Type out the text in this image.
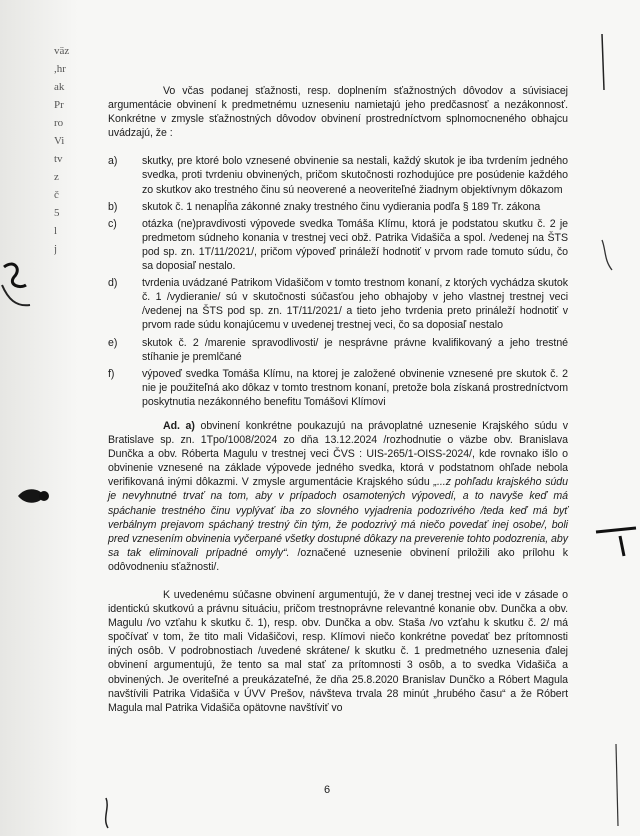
väz
,hr
ak
Pr
ro
Vi
tv
z
č
5
l
j

Vo včas podanej sťažnosti, resp. doplnením sťažnostných dôvodov a súvisiacej argumentácie obvinení k predmetnému uzneseniu namietajú jeho predčasnosť a nezákonnosť. Konkrétne v zmysle sťažnostných dôvodov obvinení prostredníctvom splnomocneného obhajcu uvádzajú, že :

a) skutky, pre ktoré bolo vznesené obvinenie sa nestali, každý skutok je iba tvrdením jedného svedka, proti tvrdeniu obvinených, pričom skutočnosti rozhodujúce pre posúdenie každého zo skutkov ako trestného činu sú neoverené a neoveriteľné žiadnym objektívnym dôkazom
b) skutok č. 1 nenapĺňa zákonné znaky trestného činu vydierania podľa § 189 Tr. zákona
c) otázka (ne)pravdivosti výpovede svedka Tomáša Klímu, ktorá je podstatou skutku č. 2 je predmetom súdneho konania v trestnej veci obž. Patrika Vidašiča a spol. /vedenej na ŠTS pod sp. zn. 1T/11/2021/, pričom výpoveď prináleží hodnotiť v prvom rade tomuto súdu, čo sa doposiaľ nestalo.
d) tvrdenia uvádzané Patrikom Vidašičom v tomto trestnom konaní, z ktorých vychádza skutok č. 1 /vydieranie/ sú v skutočnosti súčasťou jeho obhajoby v jeho vlastnej trestnej veci /vedenej na ŠTS pod sp. zn. 1T/11/2021/ a tieto jeho tvrdenia preto prináleží hodnotiť v prvom rade súdu konajúcemu v uvedenej trestnej veci, čo sa doposiaľ nestalo
e) skutok č. 2 /marenie spravodlivosti/ je nesprávne právne kvalifikovaný a jeho trestné stíhanie je premlčané
f)	výpoveď svedka Tomáša Klímu, na ktorej je založené obvinenie vznesené pre skutok č. 2 nie je použiteľná ako dôkaz v tomto trestnom konaní, pretože bola získaná prostredníctvom poskytnutia nezákonného benefitu Tomášovi Klímovi

Ad. a) obvinení konkrétne poukazujú na právoplatné uznesenie Krajského súdu v Bratislave sp. zn. 1Tpo/1008/2024 zo dňa 13.12.2024 /rozhodnutie o väzbe obv. Branislava Dunčka a obv. Róberta Magulu v trestnej veci ČVS : UIS-265/1-OISS-2024/, kde rovnako išlo o obvinenie vznesené na základe výpovede jedného svedka, ktorá v podstatnom ohľade nebola verifikovaná inými dôkazmi. V zmysle argumentácie Krajského súdu „...z pohľadu krajského súdu je nevyhnutné trvať na tom, aby v prípadoch osamotených výpovedí, a to navyše keď má spáchanie trestného činu vyplývať iba zo slovného vyjadrenia podozrivého /teda keď má byť verbálnym prejavom spáchaný trestný čin tým, že podozrivý má niečo povedať inej osobe/, boli pred vznesením obvinenia vyčerpané všetky dostupné dôkazy na preverenie tohto podozrenia, aby sa tak eliminovali prípadné omyly“. /označené uznesenie obvinení priložili ako prílohu k odôvodneniu sťažnosti/.

K uvedenému súčasne obvinení argumentujú, že v danej trestnej veci ide v zásade o identickú skutkovú a právnu situáciu, pričom trestnoprávne relevantné konanie obv. Dunčka a obv. Magulu /vo vzťahu k skutku č. 1), resp. obv. Dunčka a obv. Staša /vo vzťahu k skutku č. 2/ má spočívať v tom, že tito mali Vidašičovi, resp. Klímovi niečo konkrétne povedať bez prítomnosti iných osôb. V podrobnostiach /uvedené skrátene/ k skutku č. 1 predmetného uznesenia ďalej obvinení argumentujú, že tento sa mal stať za prítomnosti 3 osôb, a to svedka Vidašiča a obvinených. Je overiteľné a preukázateľné, že dňa 25.8.2020 Branislav Dunčko a Róbert Magula navštívili Patrika Vidašiča v ÚVV Prešov, návšteva trvala 28 minút „hrubého času“ a že Róbert Magula mal Patrika Vidašiča opätovne navštíviť vo

6
